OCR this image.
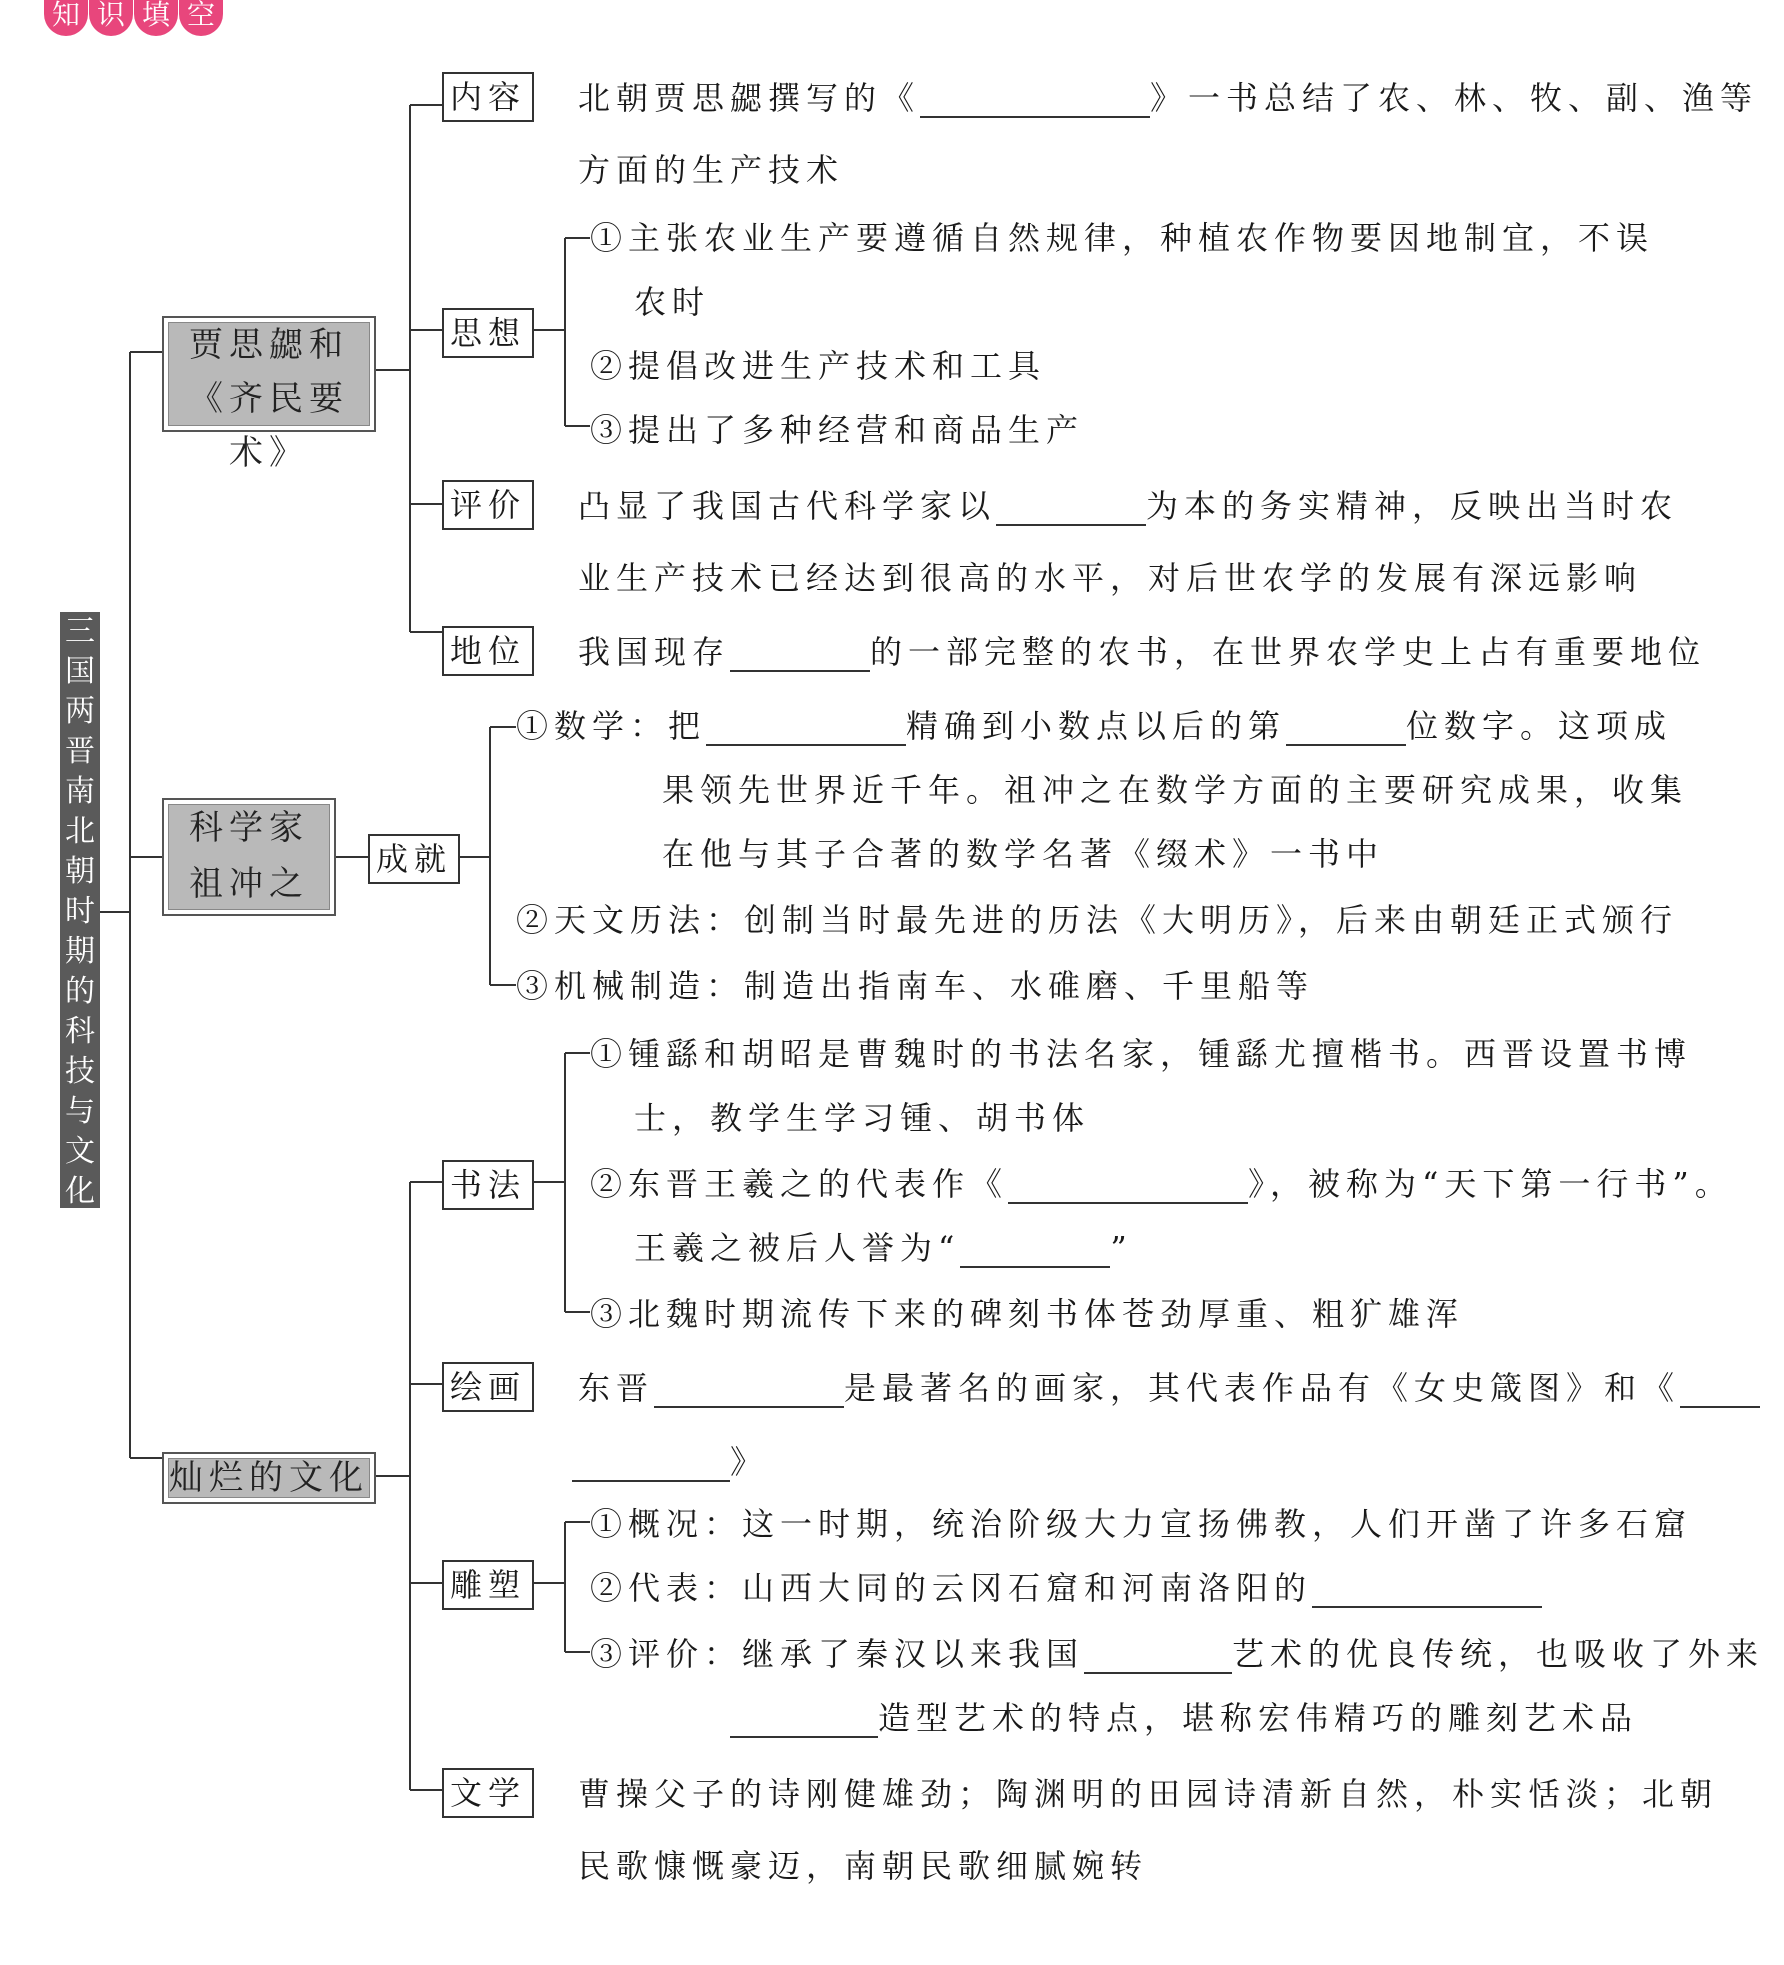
知 识 填 空
三
国
两
晋
南
北
朝
时
期
的
科
技
与
文
化
贾思勰和
《齐民要术》
科学家
祖冲之
灿烂的文化
内容
思想
评价
地位
成就
书法
绘画
雕塑
文学
北朝贾思勰撰写的《	》一书总结了农、林、牧、副、渔等
方面的生产技术
①主张农业生产要遵循自然规律，种植农作物要因地制宜，不误
农时
②提倡改进生产技术和工具
③提出了多种经营和商品生产
凸显了我国古代科学家以	为本的务实精神，反映出当时农
业生产技术已经达到很高的水平，对后世农学的发展有深远影响
我国现存	的一部完整的农书，在世界农学史上占有重要地位
①数学：把	精确到小数点以后的第	位数字。这项成
果领先世界近千年。祖冲之在数学方面的主要研究成果，收集
在他与其子合著的数学名著《缀术》一书中
②天文历法：创制当时最先进的历法《大明历》，后来由朝廷正式颁行
③机械制造：制造出指南车、水碓磨、千里船等
①锺繇和胡昭是曹魏时的书法名家，锺繇尤擅楷书。西晋设置书博
士，教学生学习锺、胡书体
②东晋王羲之的代表作《	》，被称为“天下第一行书”。
王羲之被后人誉为“	”
③北魏时期流传下来的碑刻书体苍劲厚重、粗犷雄浑
东晋	是最著名的画家，其代表作品有《女史箴图》和《
》
①概况：这一时期，统治阶级大力宣扬佛教，人们开凿了许多石窟
②代表：山西大同的云冈石窟和河南洛阳的
③评价：继承了秦汉以来我国	艺术的优良传统，也吸收了外来
造型艺术的特点，堪称宏伟精巧的雕刻艺术品
曹操父子的诗刚健雄劲；陶渊明的田园诗清新自然，朴实恬淡；北朝
民歌慷慨豪迈，南朝民歌细腻婉转
